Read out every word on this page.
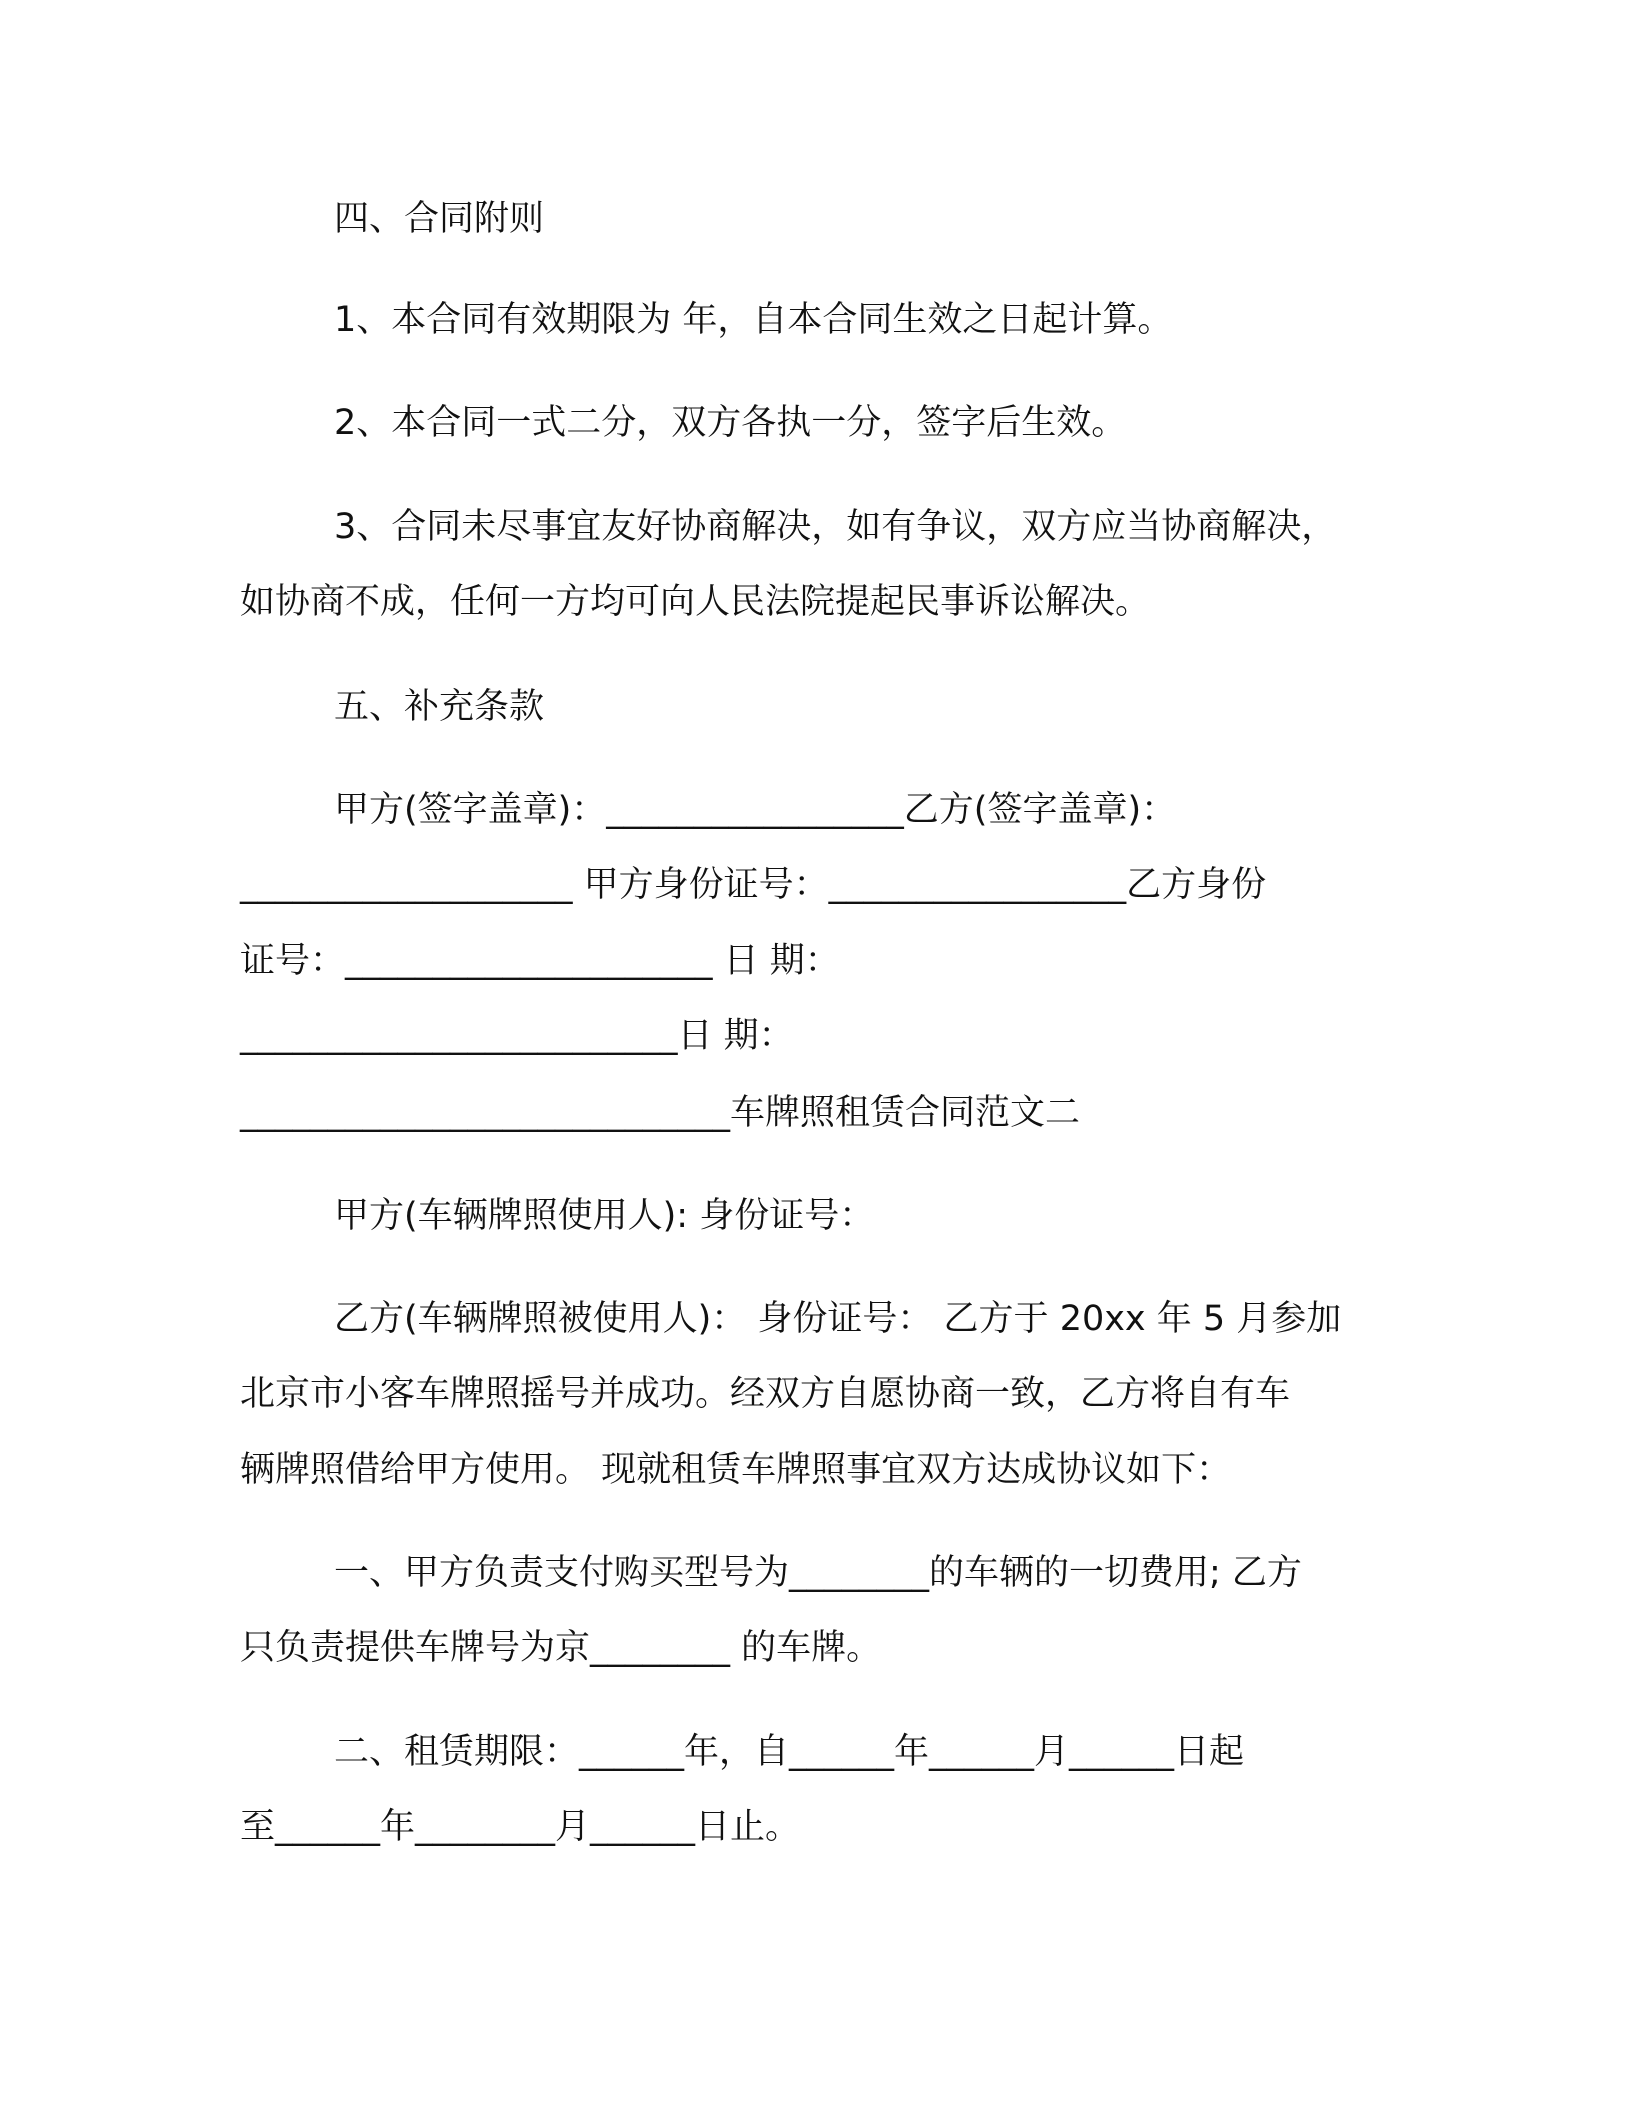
四、合同附则
1、本合同有效期限为 年，自本合同生效之日起计算。
2、本合同一式二分，双方各执一分，签字后生效。
3、合同未尽事宜友好协商解决，如有争议，双方应当协商解决，
如协商不成，任何一方均可向人民法院提起民事诉讼解决。
五、补充条款
甲方(签字盖章)：_________________乙方(签字盖章)：
___________________ 甲方身份证号：_________________乙方身份
证号：_____________________ 日 期：
_________________________日 期：
____________________________车牌照租赁合同范文二
甲方(车辆牌照使用人): 身份证号：
乙方(车辆牌照被使用人)： 身份证号： 乙方于 20xx 年 5 月参加
北京市小客车牌照摇号并成功。经双方自愿协商一致，乙方将自有车
辆牌照借给甲方使用。 现就租赁车牌照事宜双方达成协议如下：
一、甲方负责支付购买型号为________的车辆的一切费用; 乙方
只负责提供车牌号为京________ 的车牌。
二、租赁期限：______年，自______年______月______日起
至______年________月______日止。
